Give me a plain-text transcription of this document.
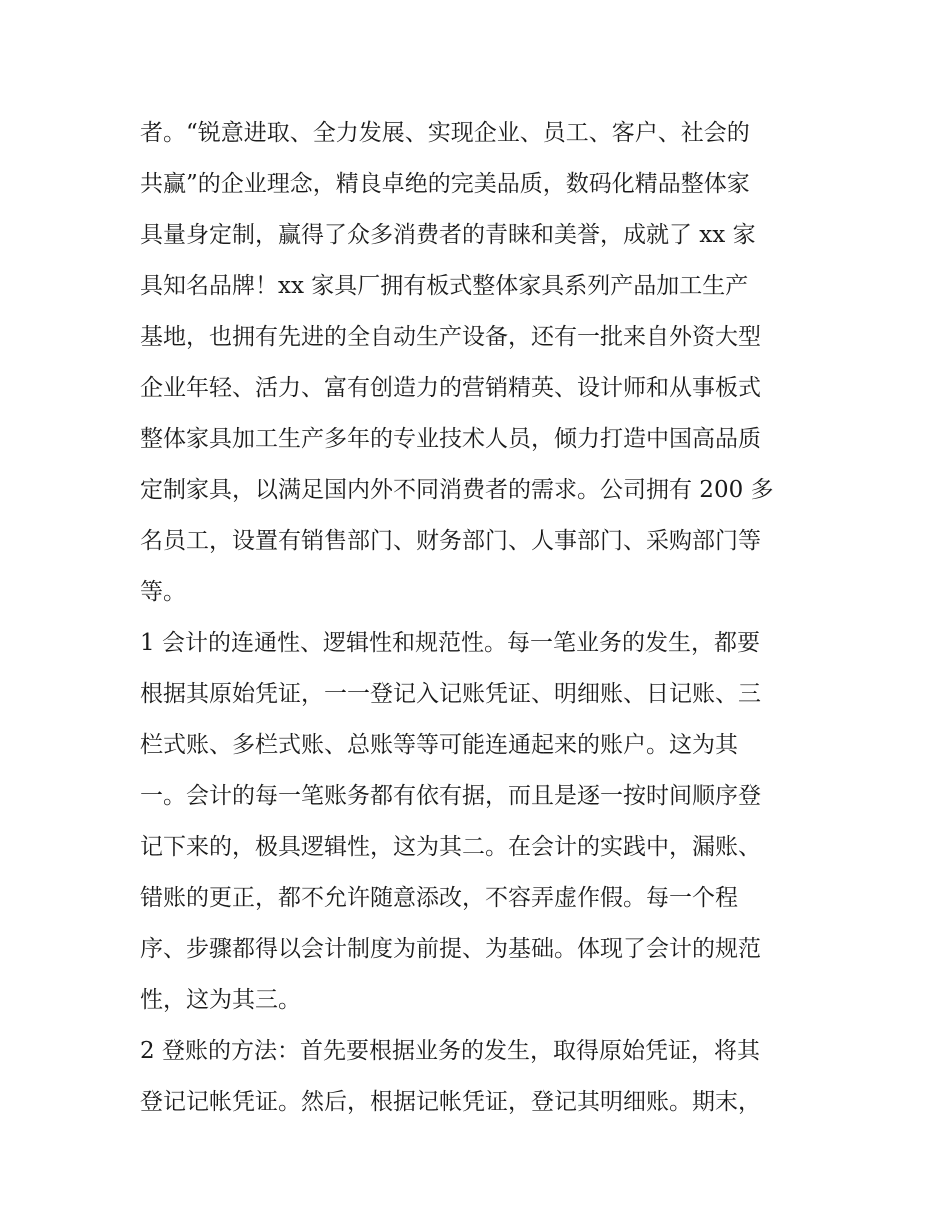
者。“锐意进取、全力发展、实现企业、员工、客户、社会的
共赢”的企业理念，精良卓绝的完美品质，数码化精品整体家
具量身定制，赢得了众多消费者的青睐和美誉，成就了 xx 家
具知名品牌！xx 家具厂拥有板式整体家具系列产品加工生产
基地，也拥有先进的全自动生产设备，还有一批来自外资大型
企业年轻、活力、富有创造力的营销精英、设计师和从事板式
整体家具加工生产多年的专业技术人员，倾力打造中国高品质
定制家具，以满足国内外不同消费者的需求。公司拥有 200 多
名员工，设置有销售部门、财务部门、人事部门、采购部门等
等。
1 会计的连通性、逻辑性和规范性。每一笔业务的发生，都要
根据其原始凭证，一一登记入记账凭证、明细账、日记账、三
栏式账、多栏式账、总账等等可能连通起来的账户。这为其
一。会计的每一笔账务都有依有据，而且是逐一按时间顺序登
记下来的，极具逻辑性，这为其二。在会计的实践中，漏账、
错账的更正，都不允许随意添改，不容弄虚作假。每一个程
序、步骤都得以会计制度为前提、为基础。体现了会计的规范
性，这为其三。
2 登账的方法：首先要根据业务的发生，取得原始凭证，将其
登记记帐凭证。然后，根据记帐凭证，登记其明细账。期末，
